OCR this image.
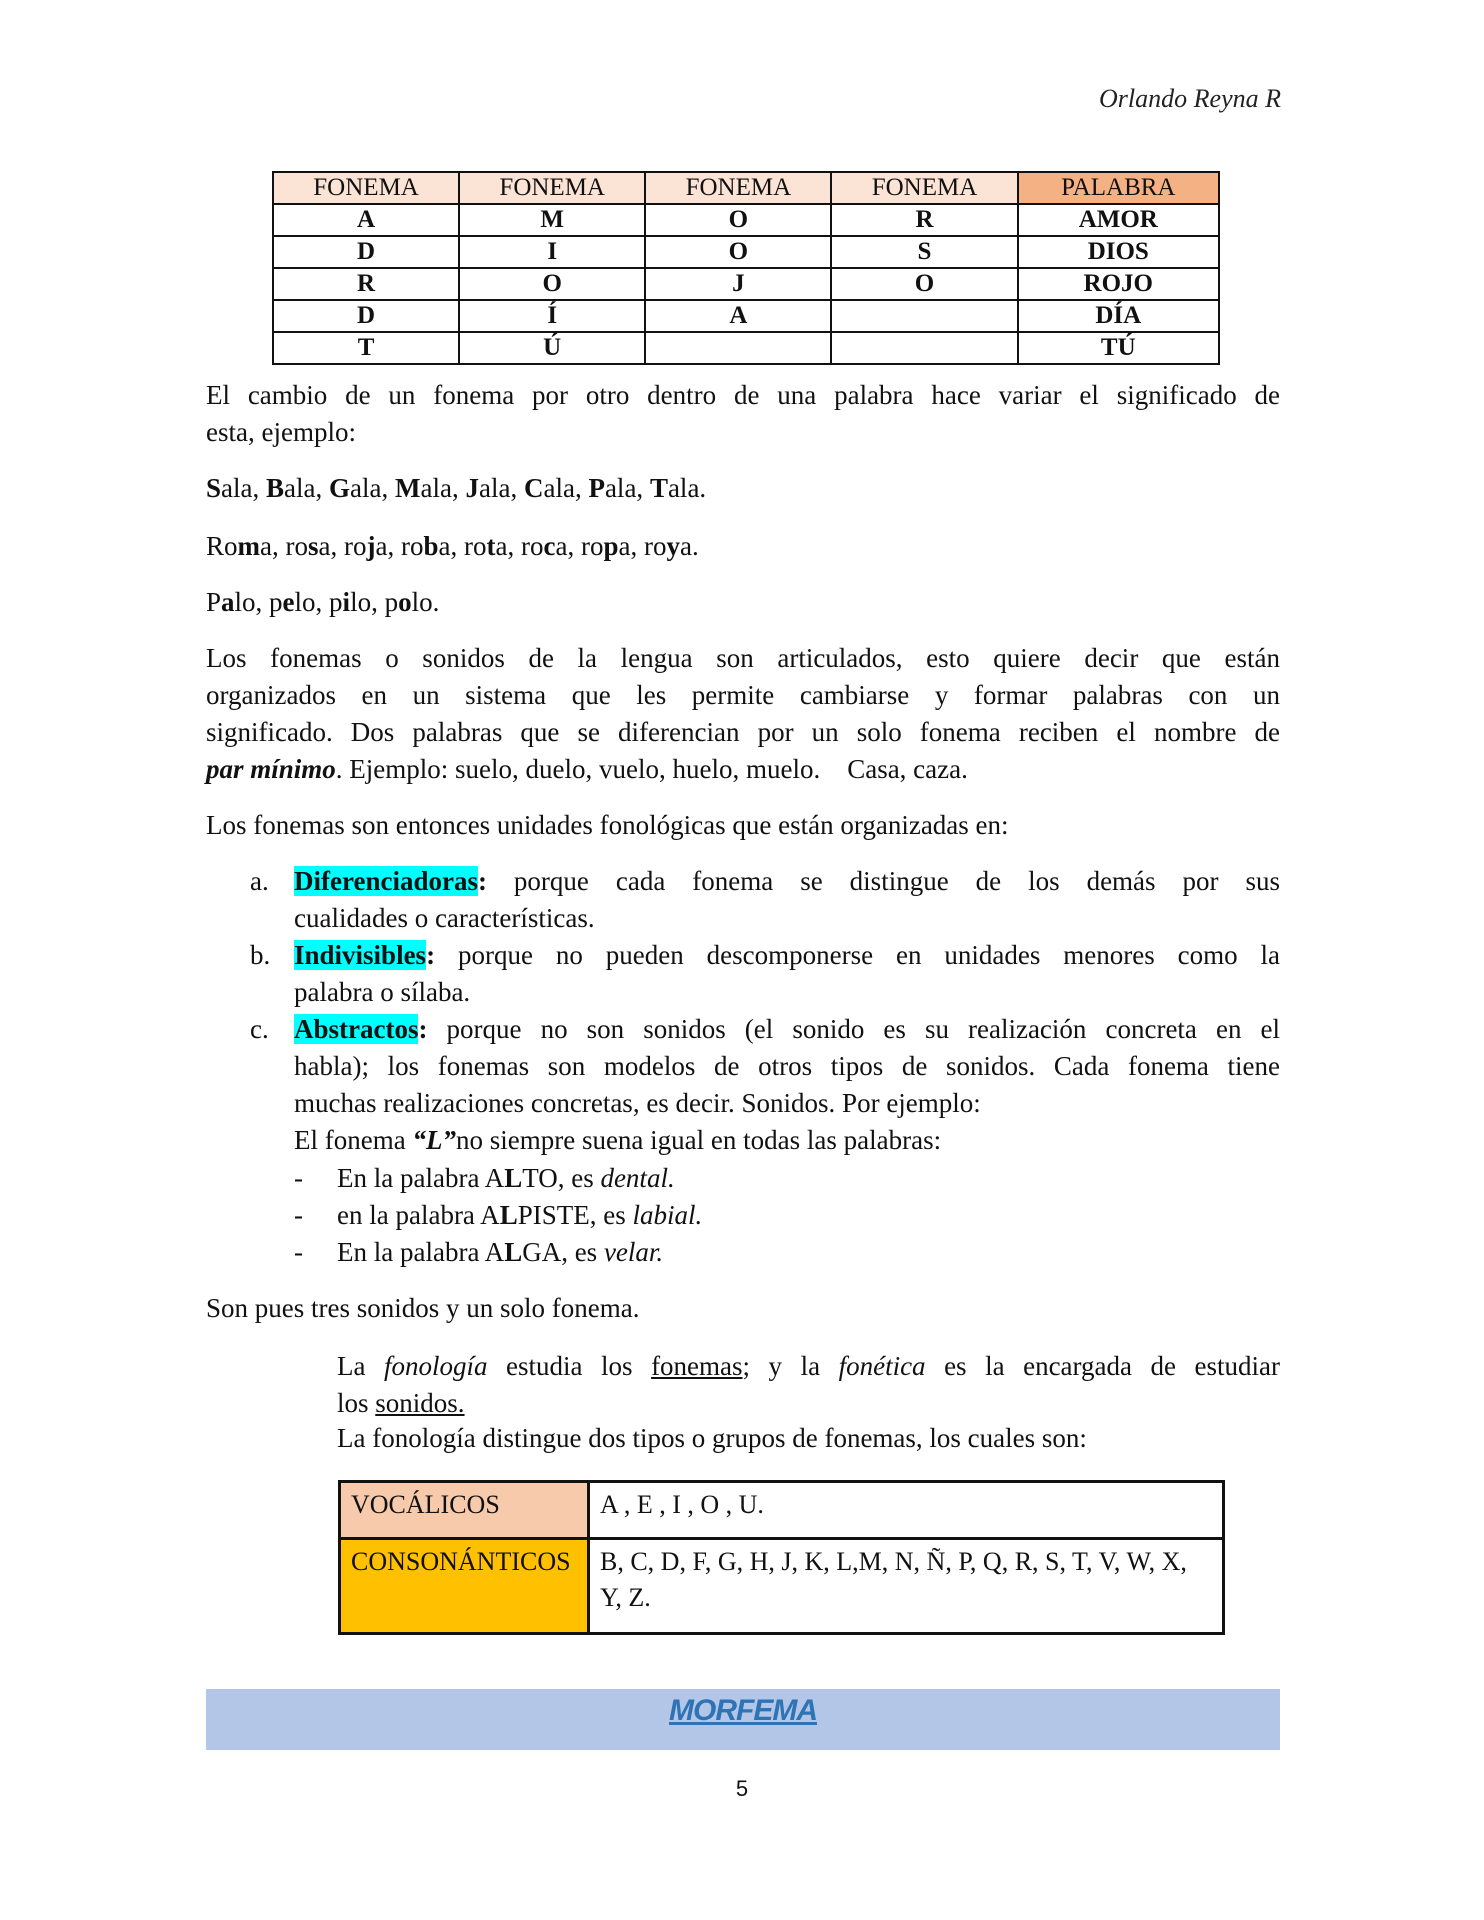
Orlando Reyna R
FONEMA	FONEMA	FONEMA	FONEMA	PALABRA
A	M	O	R	AMOR
D	I	O	S	DIOS
R	O	J	O	ROJO
D	Í	A		DÍA
T	Ú			TÚ
El cambio de un fonema por otro dentro de una palabra hace variar el significado de
esta, ejemplo:
Sala, Bala, Gala, Mala, Jala, Cala, Pala, Tala.
Roma, rosa, roja, roba, rota, roca, ropa, roya.
Palo, pelo, pilo, polo.
Los fonemas o sonidos de la lengua son articulados, esto quiere decir que están
organizados en un sistema que les permite cambiarse y formar palabras con un
significado. Dos palabras que se diferencian por un solo fonema reciben el nombre de
par mínimo. Ejemplo: suelo, duelo, vuelo, huelo, muelo.    Casa, caza.
Los fonemas son entonces unidades fonológicas que están organizadas en:
a. Diferenciadoras: porque cada fonema se distingue de los demás por sus
cualidades o características.
b. Indivisibles: porque no pueden descomponerse en unidades menores como la
palabra o sílaba.
c. Abstractos: porque no son sonidos (el sonido es su realización concreta en el
habla); los fonemas son modelos de otros tipos de sonidos. Cada fonema tiene
muchas realizaciones concretas, es decir. Sonidos. Por ejemplo:
El fonema “L”no siempre suena igual en todas las palabras:
- En la palabra ALTO, es dental.
- en la palabra ALPISTE, es labial.
- En la palabra ALGA, es velar.
Son pues tres sonidos y un solo fonema.
La fonología estudia los fonemas; y la fonética es la encargada de estudiar
los sonidos.
La fonología distingue dos tipos o grupos de fonemas, los cuales son:
VOCÁLICOS	A , E , I , O , U.
CONSONÁNTICOS	B, C, D, F, G, H, J, K, L,M, N, Ñ, P, Q, R, S, T, V, W, X, Y, Z.
MORFEMA
5
